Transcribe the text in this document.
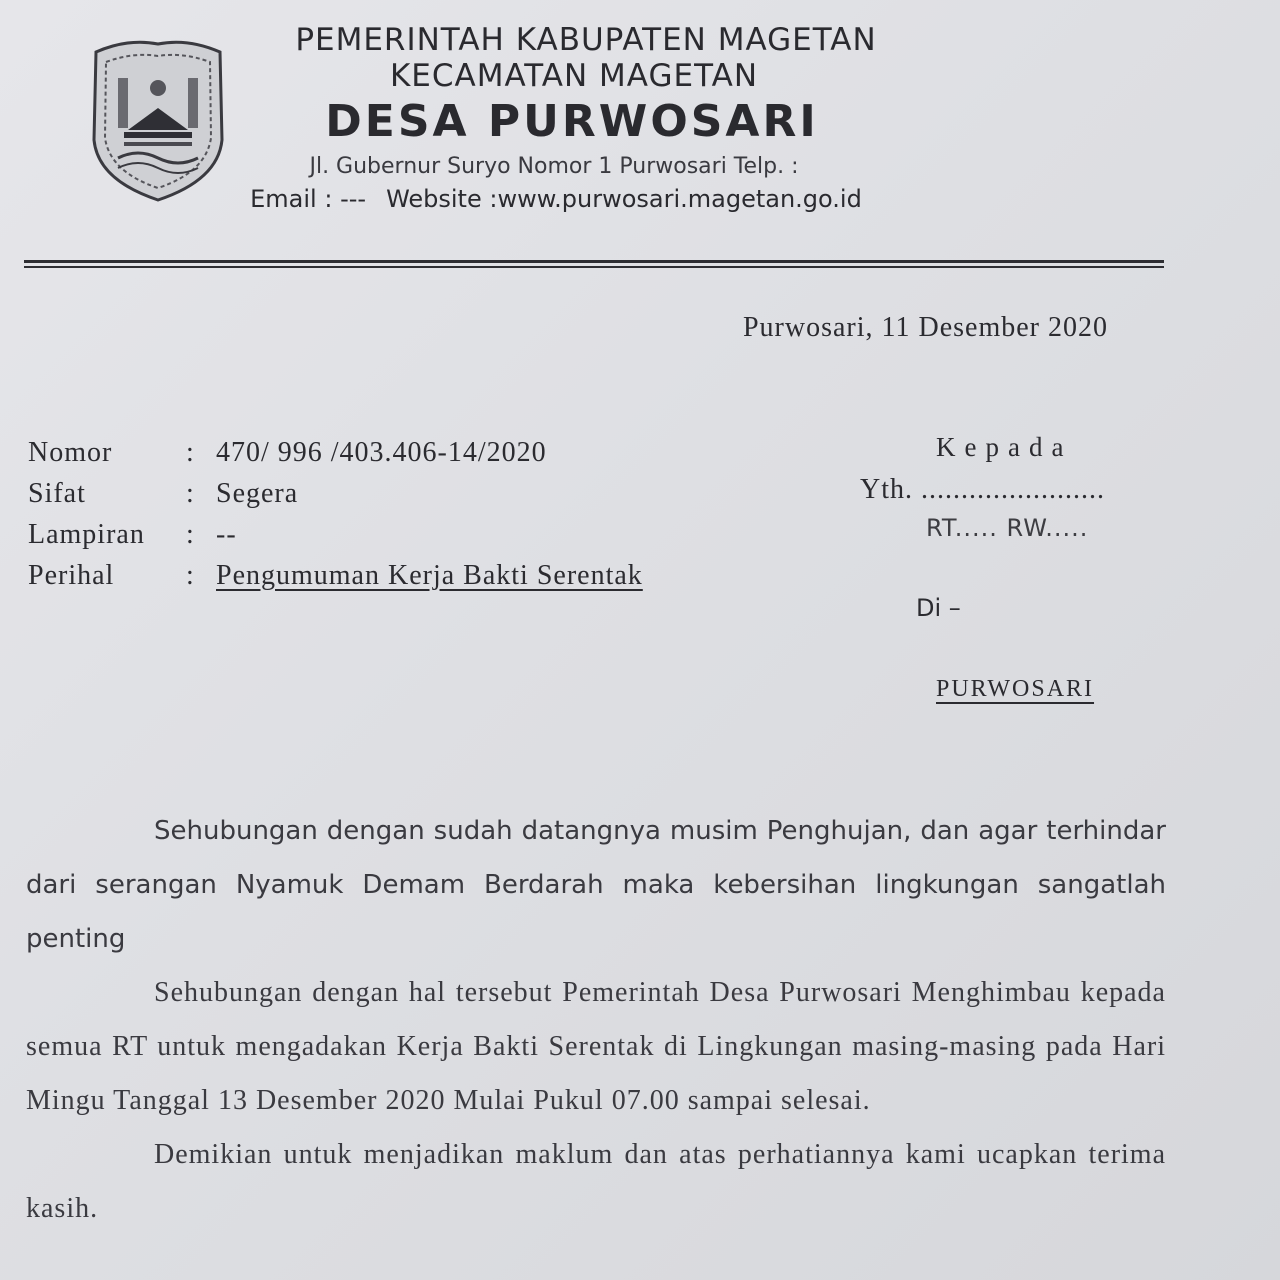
PEMERINTAH KABUPATEN MAGETAN
KECAMATAN MAGETAN
DESA PURWOSARI
Jl. Gubernur Suryo Nomor 1 Purwosari Telp. :
Email : --- Website :www.purwosari.magetan.go.id
Purwosari, 11 Desember 2020
Nomor	: 470/ 996 /403.406-14/2020
Sifat	: Segera
Lampiran	: --
Perihal	: Pengumuman Kerja Bakti Serentak
Kepada
Yth. .......................
RT..... RW.....
Di –
PURWOSARI

Sehubungan dengan sudah datangnya musim Penghujan, dan agar terhindar dari serangan Nyamuk Demam Berdarah maka kebersihan lingkungan sangatlah penting

Sehubungan dengan hal tersebut Pemerintah Desa Purwosari Menghimbau kepada semua RT untuk mengadakan Kerja Bakti Serentak di Lingkungan masing-masing pada Hari Mingu Tanggal 13 Desember 2020 Mulai Pukul 07.00 sampai selesai.

Demikian untuk menjadikan maklum dan atas perhatiannya kami ucapkan terima kasih.
